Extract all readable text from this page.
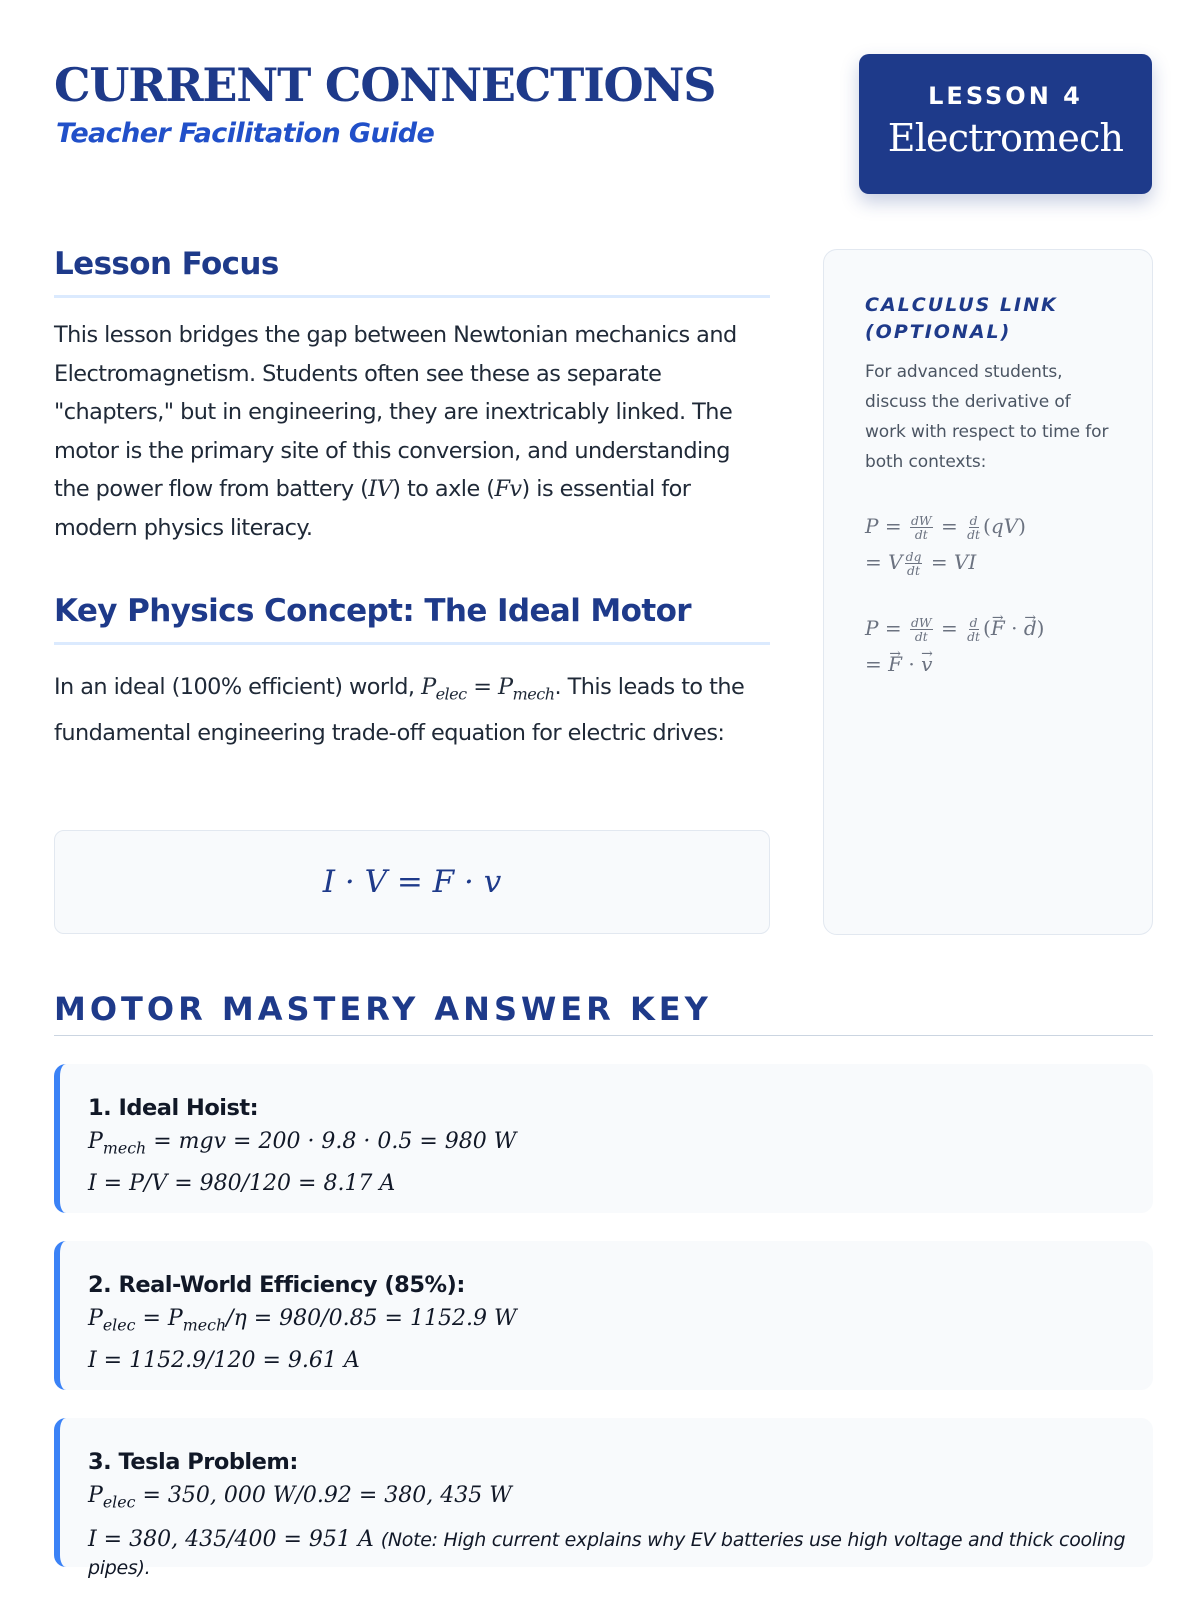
CURRENT CONNECTIONS
Teacher Facilitation Guide
LESSON 4
Electromech
Lesson Focus

This lesson bridges the gap between Newtonian mechanics and Electromagnetism. Students often see these as separate "chapters," but in engineering, they are inextricably linked. The motor is the primary site of this conversion, and understanding the power flow from battery (IV) to axle (Fv) is essential for modern physics literacy.

Key Physics Concept: The Ideal Motor

In an ideal (100% efficient) world, $P_{elec} = P_{mech}$. This leads to the fundamental engineering trade-off equation for electric drives:

I · V = F · v
CALCULUS LINK (OPTIONAL)
For advanced students, discuss the derivative of work with respect to time for both contexts:
$P = \frac{dW}{dt} = \frac{d}{dt} (qV)$
= V $\frac{dq}{dt}$ = VI
$P = \frac{dW}{dt} = \frac{d}{dt}$ (→ F · → d)
= → F · → v
MOTOR MASTERY ANSWER KEY
1. Ideal Hoist:
$P_{mech}$ = mgv = 200 · 9.8 · 0.5 = 980 W
I = P/V = 980/120 = 8.17 A
2. Real-World Efficiency (85%):
$P_{elec} = P_{mech}/\eta = 980/0.85 = 1152.9$ W
I = 1152.9/120 = 9.61 A
3. Tesla Problem:
$P_{elec} = 350$, 000 W/0.92 = 380, 435 W
I = 380, 435/400 = 951 A (Note: High current explains why EV batteries use high voltage and thick cooling pipes).
